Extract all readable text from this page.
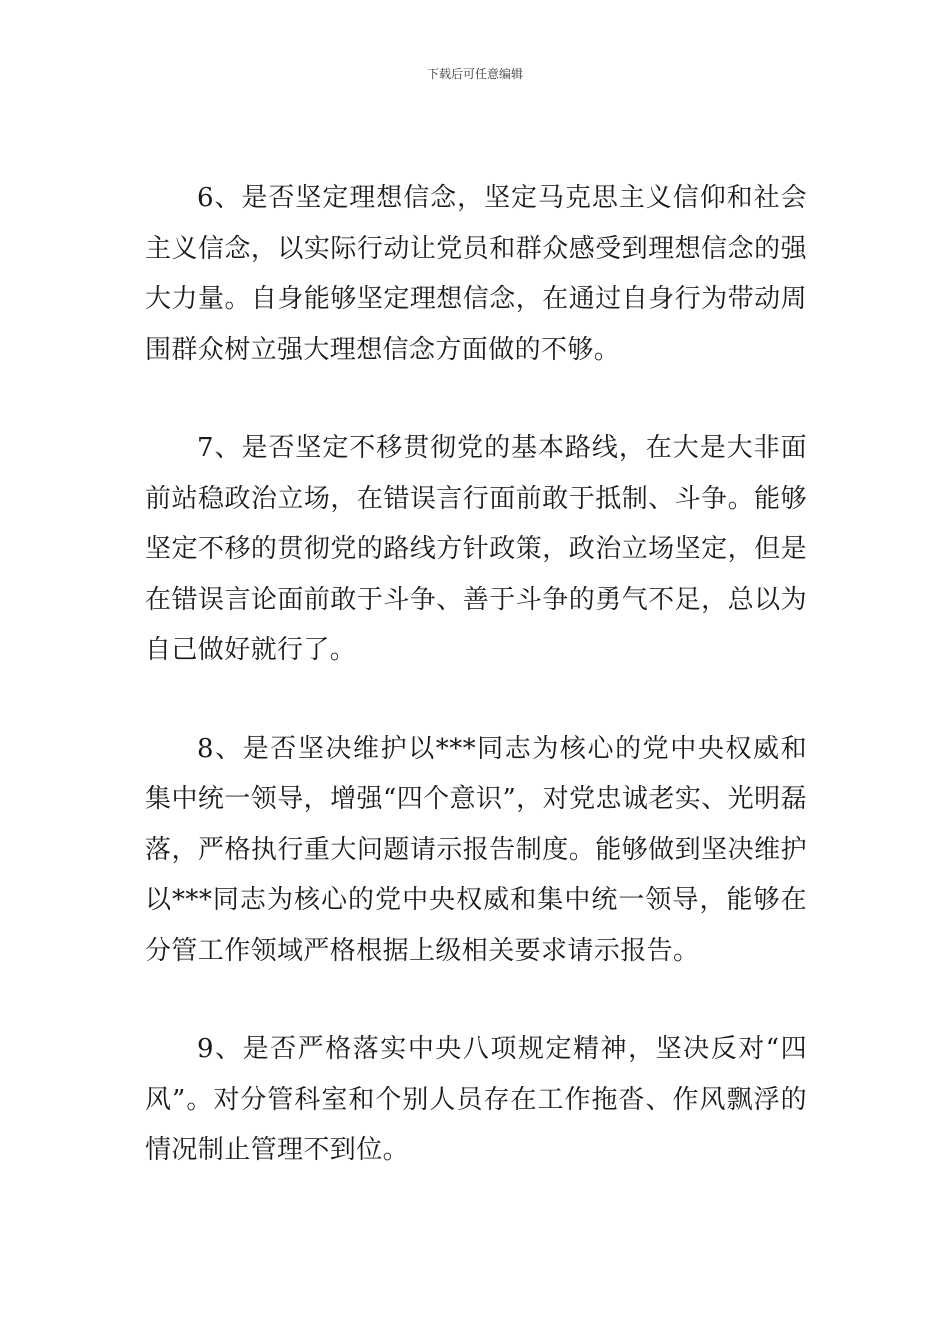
下载后可任意编辑

6、是否坚定理想信念，坚定马克思主义信仰和社会主义信念，以实际行动让党员和群众感受到理想信念的强大力量。自身能够坚定理想信念，在通过自身行为带动周围群众树立强大理想信念方面做的不够。

7、是否坚定不移贯彻党的基本路线，在大是大非面前站稳政治立场，在错误言行面前敢于抵制、斗争。能够坚定不移的贯彻党的路线方针政策，政治立场坚定，但是在错误言论面前敢于斗争、善于斗争的勇气不足，总以为自己做好就行了。

8、是否坚决维护以***同志为核心的党中央权威和集中统一领导，增强“四个意识”，对党忠诚老实、光明磊落，严格执行重大问题请示报告制度。能够做到坚决维护以***同志为核心的党中央权威和集中统一领导，能够在分管工作领域严格根据上级相关要求请示报告。

9、是否严格落实中央八项规定精神，坚决反对“四风”。对分管科室和个别人员存在工作拖沓、作风飘浮的情况制止管理不到位。
